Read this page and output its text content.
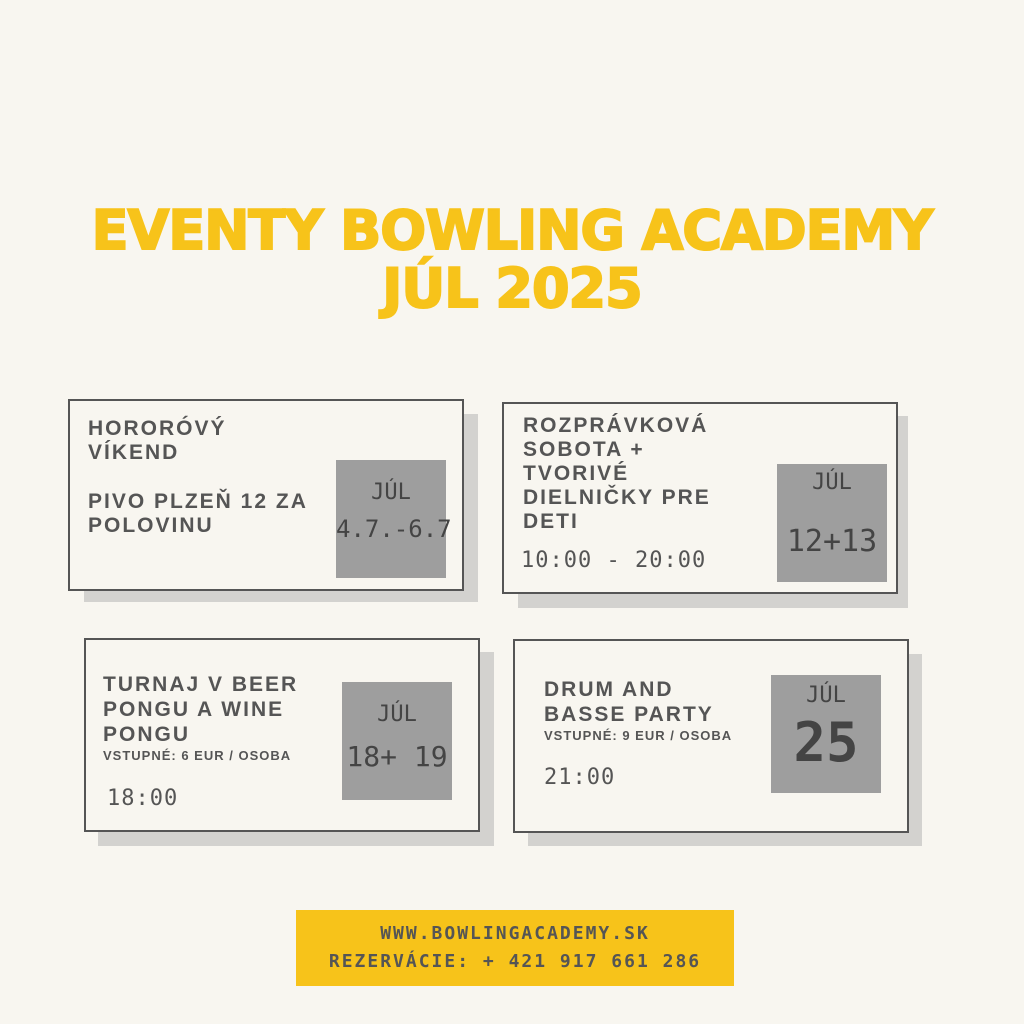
EVENTY BOWLING ACADEMY
JÚL 2025
HORORÓVÝ
VÍKEND
PIVO PLZEŇ 12 ZA
POLOVINU
JÚL
4.7.-6.7
ROZPRÁVKOVÁ
SOBOTA +
TVORIVÉ
DIELNIČKY PRE
DETI
10:00 - 20:00
JÚL
12+13
TURNAJ V BEER
PONGU A WINE
PONGU
VSTUPNÉ: 6 EUR / OSOBA
18:00
JÚL
18+ 19
DRUM AND
BASSE PARTY
VSTUPNÉ: 9 EUR / OSOBA
21:00
JÚL
25
WWW.BOWLINGACADEMY.SK
REZERVÁCIE: + 421 917 661 286
